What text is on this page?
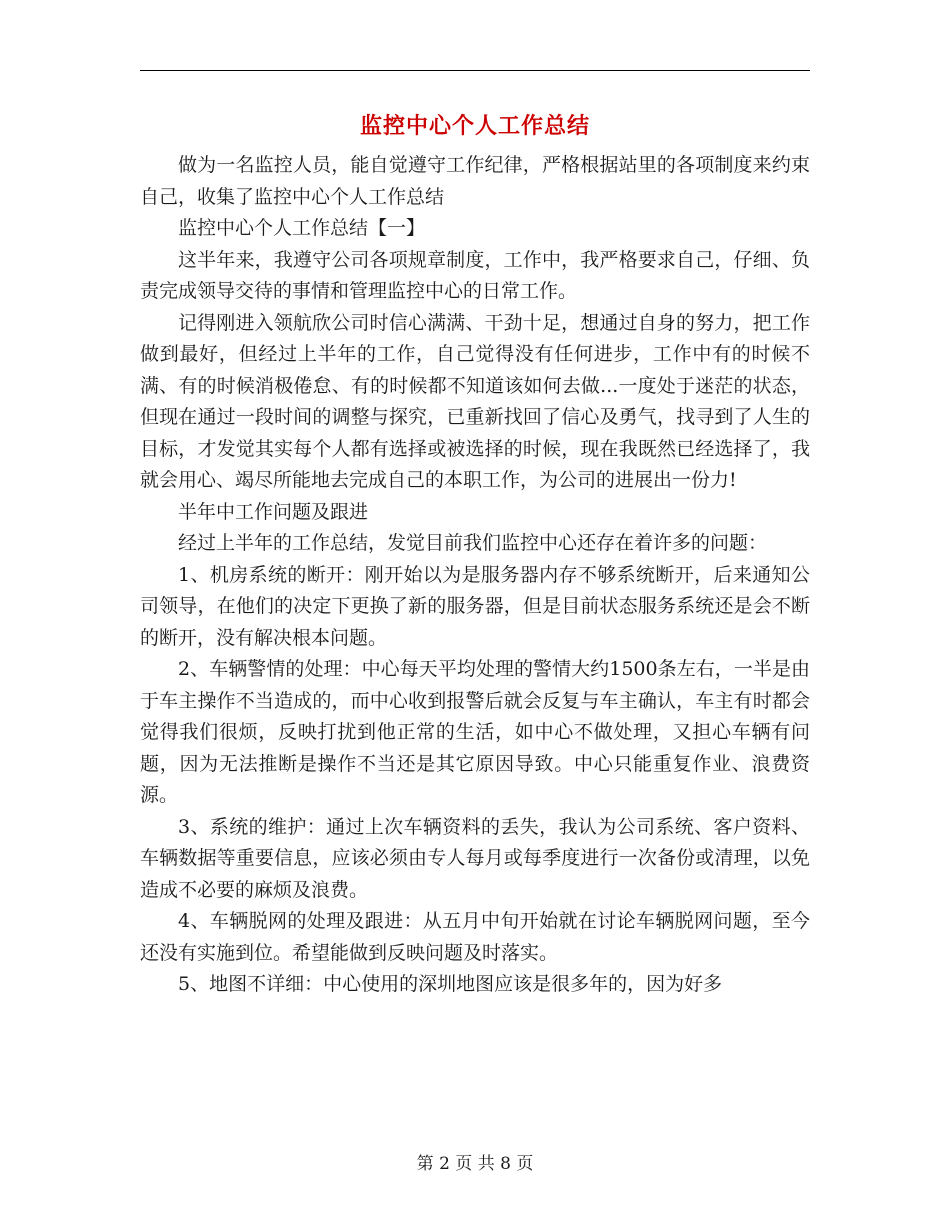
监控中心个人工作总结

做为一名监控人员，能自觉遵守工作纪律，严格根据站里的各项制度来约束自己，收集了监控中心个人工作总结

监控中心个人工作总结【一】

这半年来，我遵守公司各项规章制度，工作中，我严格要求自己，仔细、负责完成领导交待的事情和管理监控中心的日常工作。

记得刚进入领航欣公司时信心满满、干劲十足，想通过自身的努力，把工作做到最好，但经过上半年的工作，自己觉得没有任何进步，工作中有的时候不满、有的时候消极倦怠、有的时候都不知道该如何去做...一度处于迷茫的状态，但现在通过一段时间的调整与探究，已重新找回了信心及勇气，找寻到了人生的目标，才发觉其实每个人都有选择或被选择的时候，现在我既然已经选择了，我就会用心、竭尽所能地去完成自己的本职工作，为公司的进展出一份力!

半年中工作问题及跟进

经过上半年的工作总结，发觉目前我们监控中心还存在着许多的问题：

1、机房系统的断开：刚开始以为是服务器内存不够系统断开，后来通知公司领导，在他们的决定下更换了新的服务器，但是目前状态服务系统还是会不断的断开，没有解决根本问题。

2、车辆警情的处理：中心每天平均处理的警情大约1500条左右，一半是由于车主操作不当造成的，而中心收到报警后就会反复与车主确认，车主有时都会觉得我们很烦，反映打扰到他正常的生活，如中心不做处理，又担心车辆有问题，因为无法推断是操作不当还是其它原因导致。中心只能重复作业、浪费资源。

3、系统的维护：通过上次车辆资料的丢失，我认为公司系统、客户资料、车辆数据等重要信息，应该必须由专人每月或每季度进行一次备份或清理，以免造成不必要的麻烦及浪费。

4、车辆脱网的处理及跟进：从五月中旬开始就在讨论车辆脱网问题，至今还没有实施到位。希望能做到反映问题及时落实。

5、地图不详细：中心使用的深圳地图应该是很多年的，因为好多

第 2 页 共 8 页
